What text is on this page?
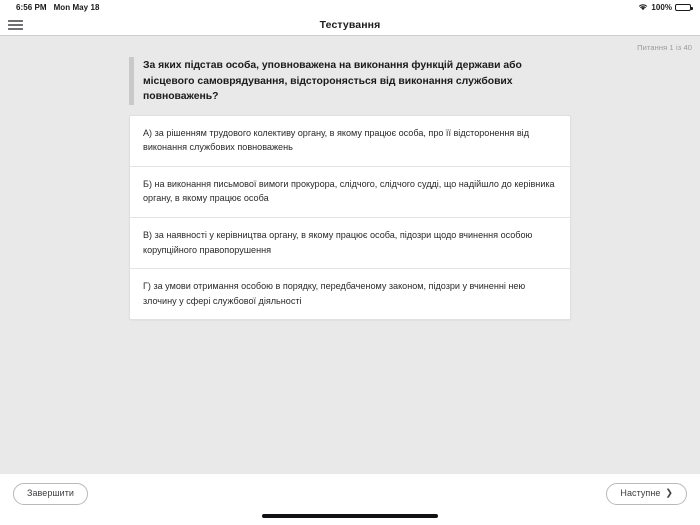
6:56 PM Mon May 18	100%
Тестування
Питання 1 із 40
За яких підстав особа, уповноважена на виконання функцій держави або місцевого самоврядування, відсторонясться від виконання службових повноважень?
А) за рішенням трудового колективу органу, в якому працює особа, про її відсторонення від виконання службових повноважень
Б) на виконання письмової вимоги прокурора, слідчого, слідчого судді, що надійшло до керівника органу, в якому працює особа
В) за наявності у керівництва органу, в якому працює особа, підозри щодо вчинення особою корупційного правопорушення
Г) за умови отримання особою в порядку, передбаченому законом, підозри у вчиненні нею злочину у сфері службової діяльності
Завершити	Наступне ❯
